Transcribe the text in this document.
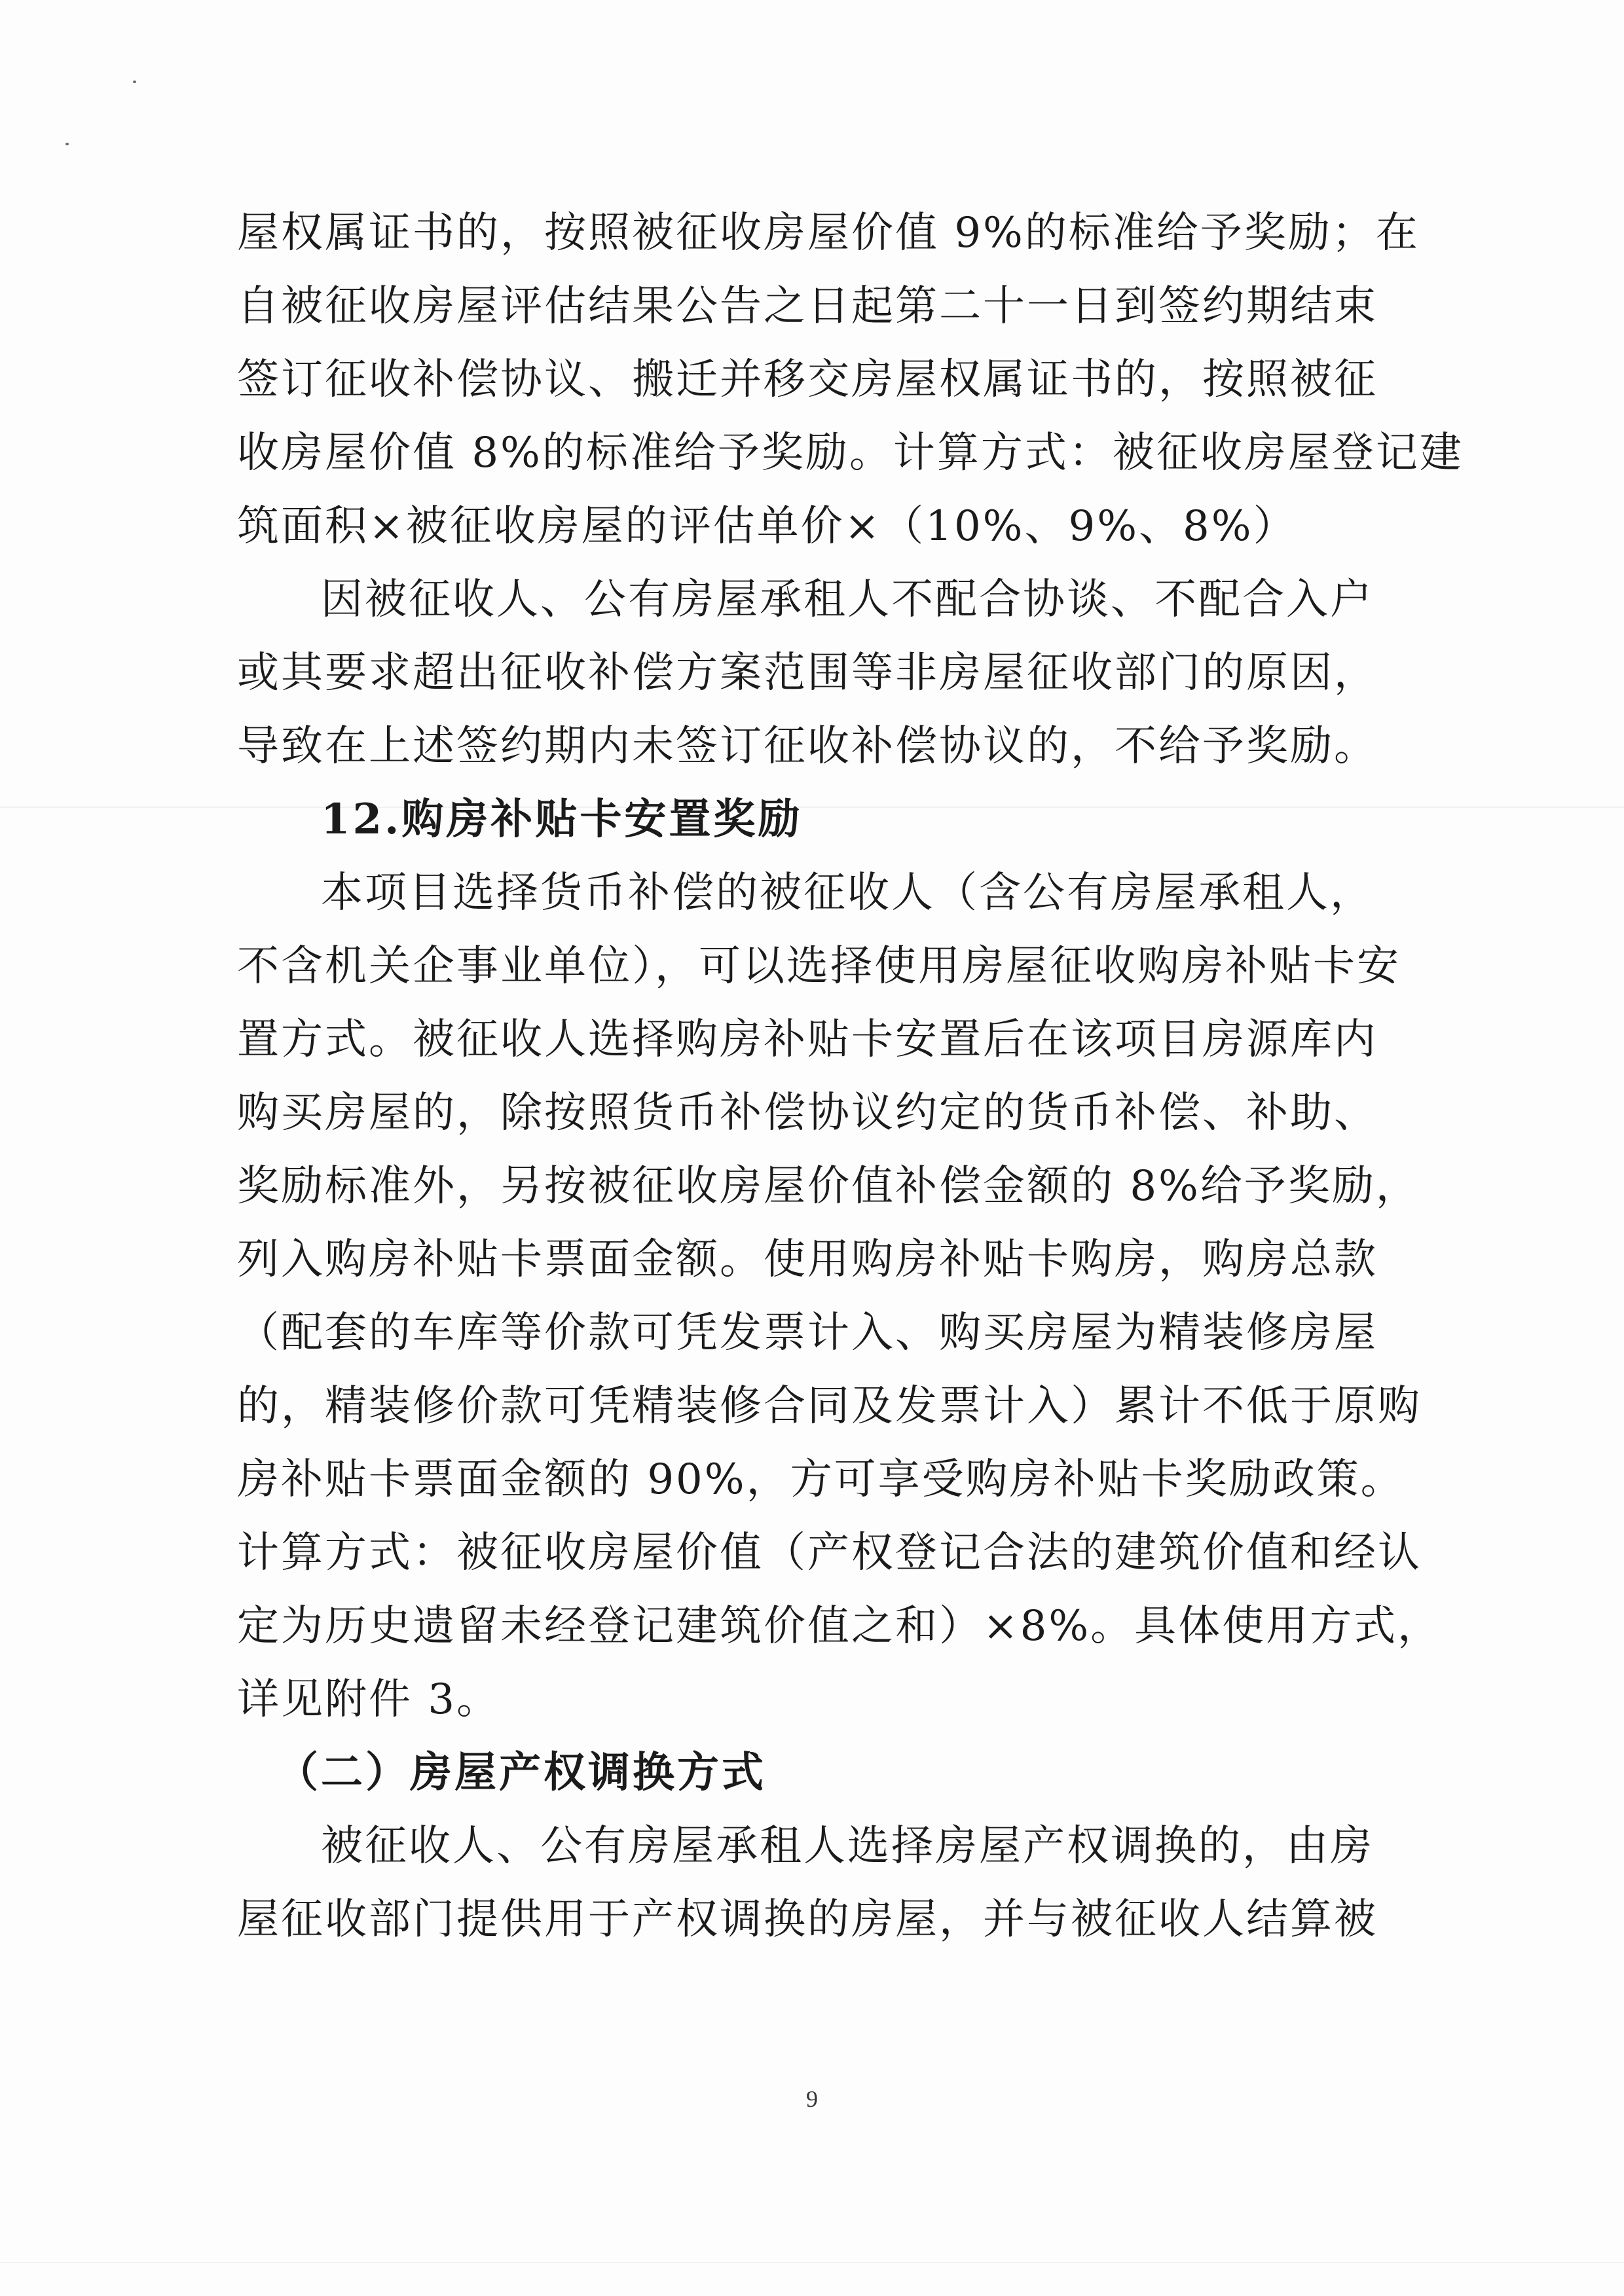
屋权属证书的，按照被征收房屋价值 9%的标准给予奖励；在
自被征收房屋评估结果公告之日起第二十一日到签约期结束
签订征收补偿协议、搬迁并移交房屋权属证书的，按照被征
收房屋价值 8%的标准给予奖励。计算方式：被征收房屋登记建
筑面积×被征收房屋的评估单价×（10%、9%、8%）
因被征收人、公有房屋承租人不配合协谈、不配合入户
或其要求超出征收补偿方案范围等非房屋征收部门的原因，
导致在上述签约期内未签订征收补偿协议的，不给予奖励。
12.购房补贴卡安置奖励
本项目选择货币补偿的被征收人（含公有房屋承租人，
不含机关企事业单位），可以选择使用房屋征收购房补贴卡安
置方式。被征收人选择购房补贴卡安置后在该项目房源库内
购买房屋的，除按照货币补偿协议约定的货币补偿、补助、
奖励标准外，另按被征收房屋价值补偿金额的 8%给予奖励，
列入购房补贴卡票面金额。使用购房补贴卡购房，购房总款
（配套的车库等价款可凭发票计入、购买房屋为精装修房屋
的，精装修价款可凭精装修合同及发票计入）累计不低于原购
房补贴卡票面金额的 90%，方可享受购房补贴卡奖励政策。
计算方式：被征收房屋价值（产权登记合法的建筑价值和经认
定为历史遗留未经登记建筑价值之和）×8%。具体使用方式，
详见附件 3。
（二）房屋产权调换方式
被征收人、公有房屋承租人选择房屋产权调换的，由房
屋征收部门提供用于产权调换的房屋，并与被征收人结算被
9
